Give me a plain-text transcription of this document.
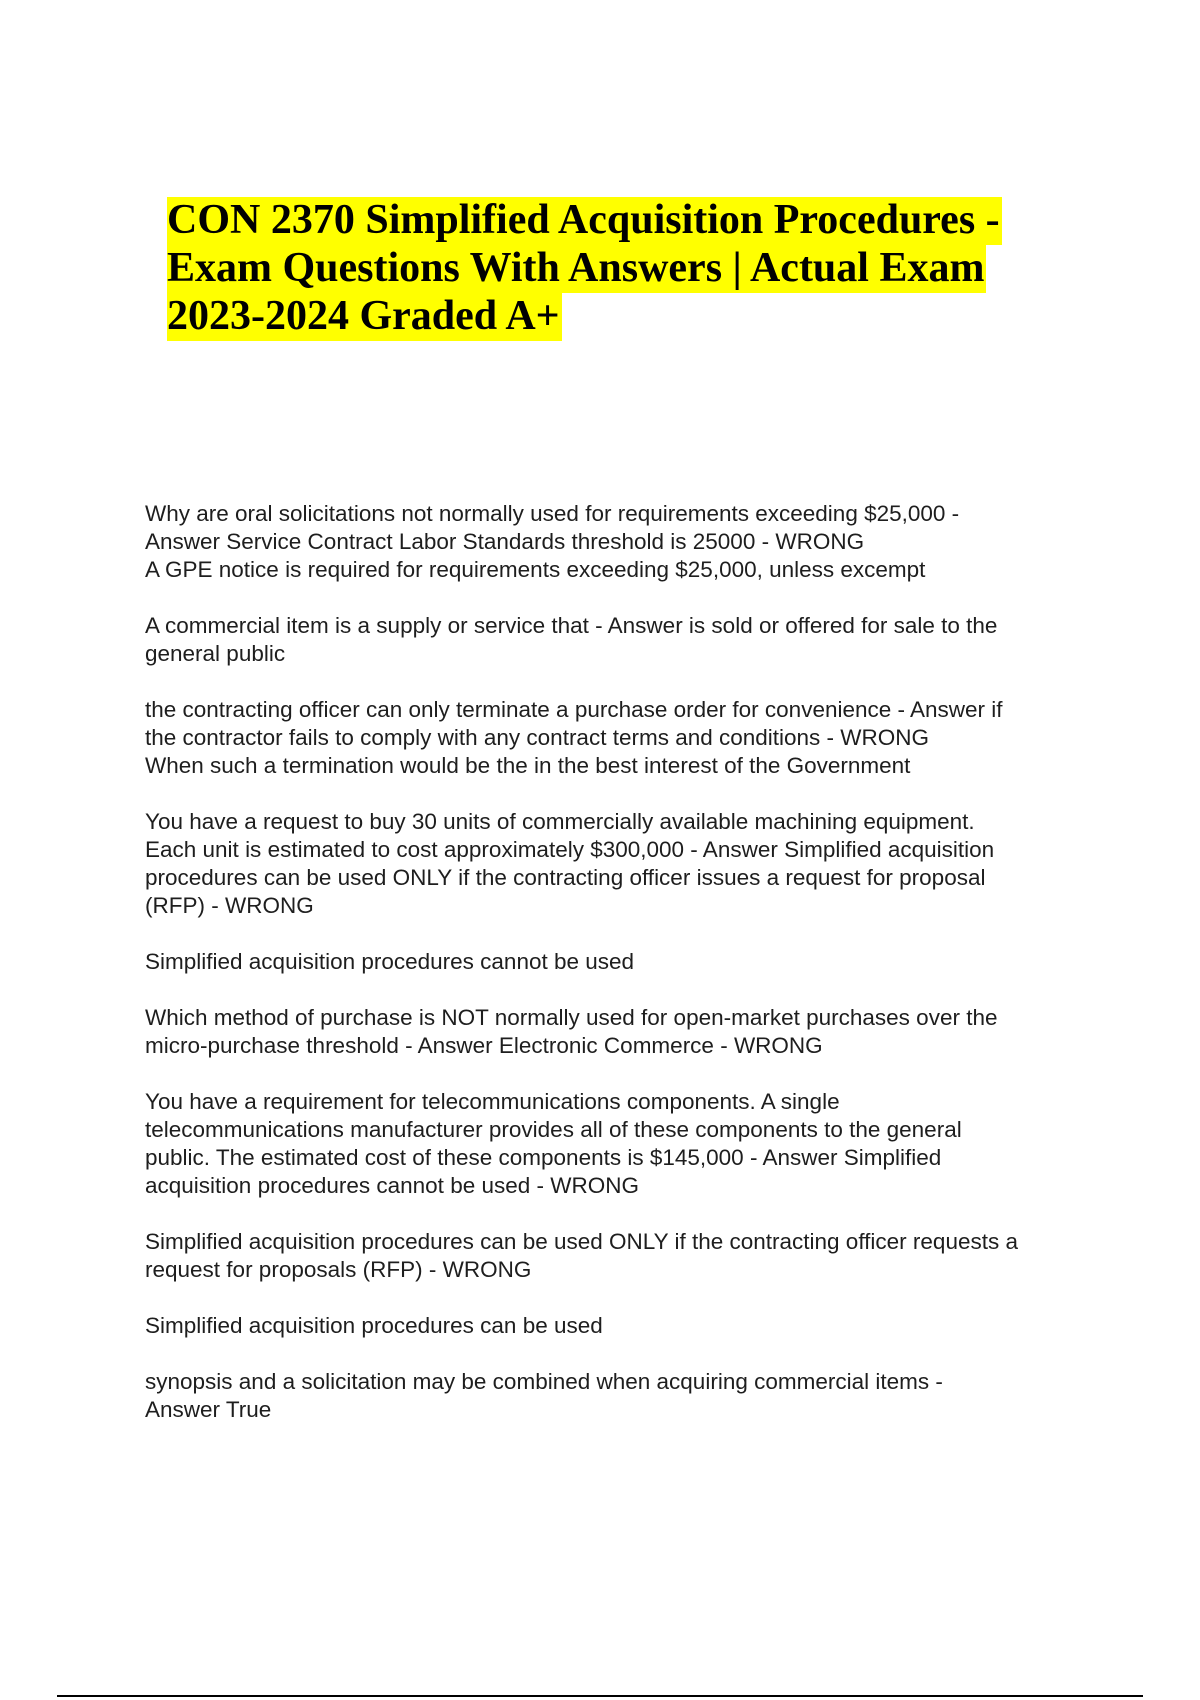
CON 2370 Simplified Acquisition Procedures -
Exam Questions With Answers | Actual Exam
2023-2024 Graded A+
Why are oral solicitations not normally used for requirements exceeding $25,000 -
Answer Service Contract Labor Standards threshold is 25000 - WRONG
A GPE notice is required for requirements exceeding $25,000, unless excempt
A commercial item is a supply or service that - Answer is sold or offered for sale to the
general public
the contracting officer can only terminate a purchase order for convenience - Answer if
the contractor fails to comply with any contract terms and conditions - WRONG
When such a termination would be the in the best interest of the Government
You have a request to buy 30 units of commercially available machining equipment.
Each unit is estimated to cost approximately $300,000 - Answer Simplified acquisition
procedures can be used ONLY if the contracting officer issues a request for proposal
(RFP) - WRONG
Simplified acquisition procedures cannot be used
Which method of purchase is NOT normally used for open-market purchases over the
micro-purchase threshold - Answer Electronic Commerce - WRONG
You have a requirement for telecommunications components. A single
telecommunications manufacturer provides all of these components to the general
public. The estimated cost of these components is $145,000 - Answer Simplified
acquisition procedures cannot be used - WRONG
Simplified acquisition procedures can be used ONLY if the contracting officer requests a
request for proposals (RFP) - WRONG
Simplified acquisition procedures can be used
synopsis and a solicitation may be combined when acquiring commercial items -
Answer True
